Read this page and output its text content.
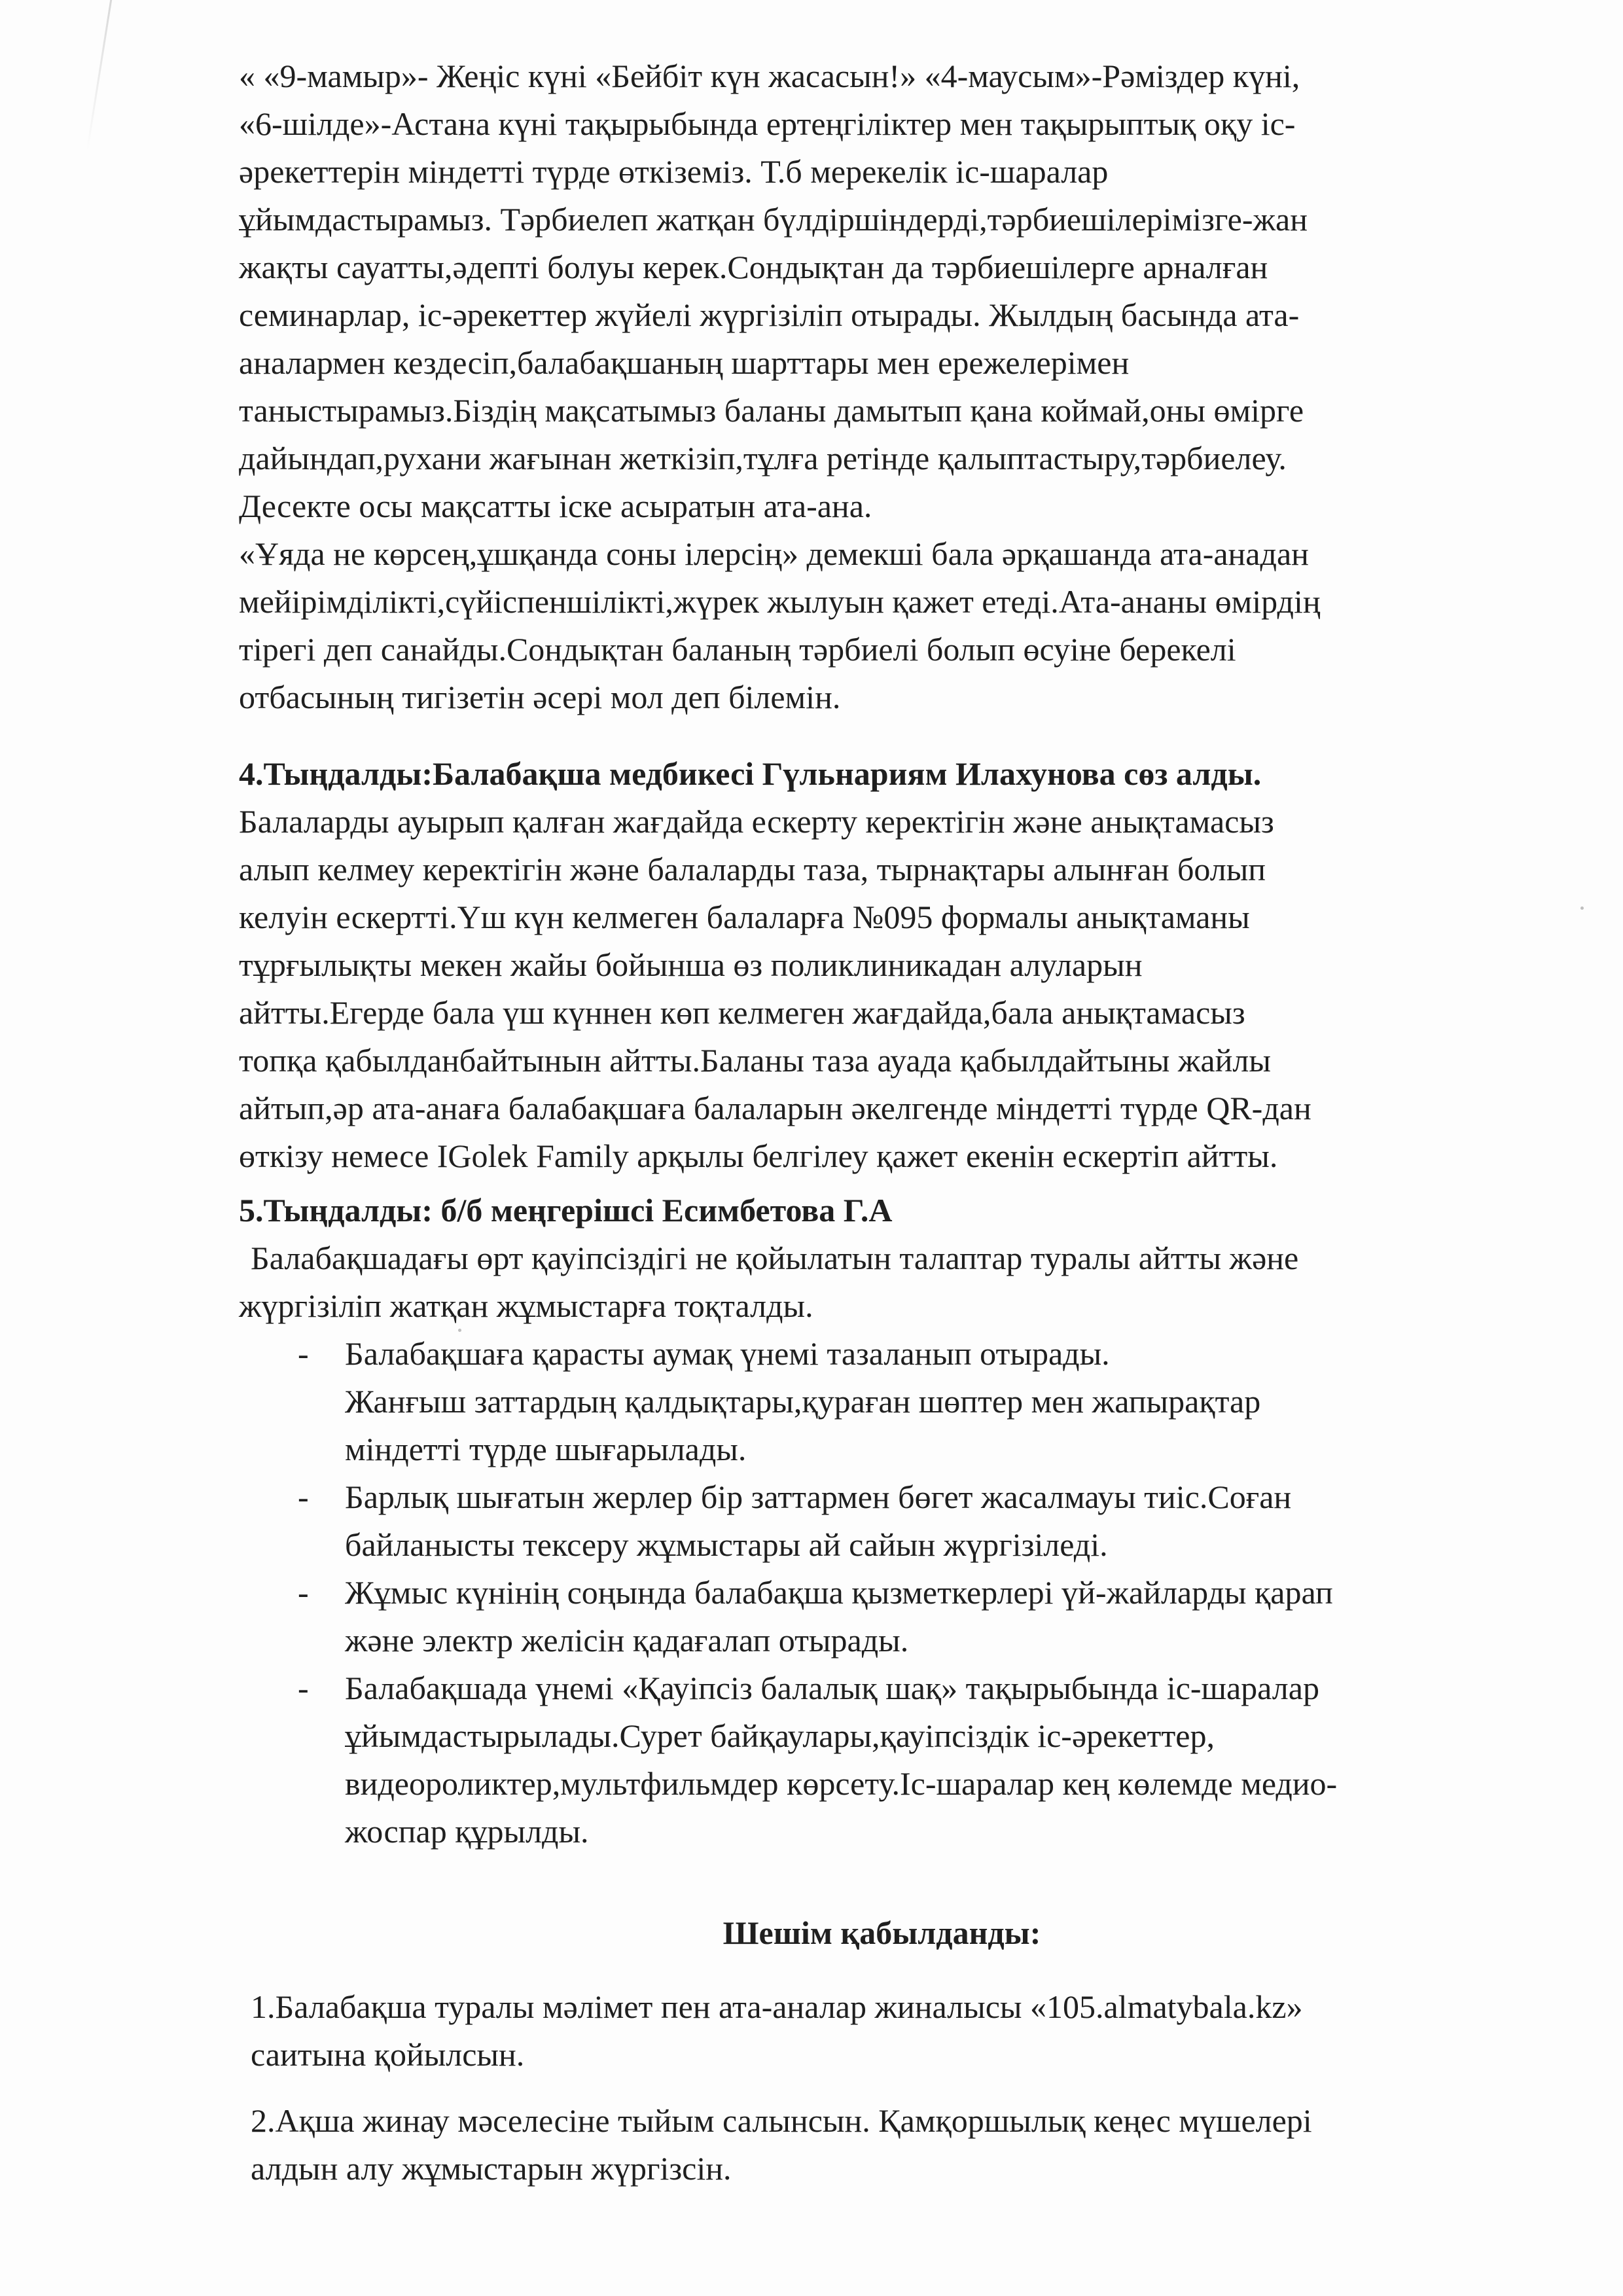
« «9-мамыр»- Жеңіс күні «Бейбіт күн жасасын!» «4-маусым»-Рәміздер күні,

«6-шілде»-Астана күні тақырыбында ертеңгіліктер мен тақырыптық оқу іс-

әрекеттерін міндетті түрде өткіземіз. Т.б мерекелік іс-шаралар

ұйымдастырамыз. Тәрбиелеп жатқан бүлдіршіндерді,тәрбиешілерімізге-жан

жақты сауатты,әдепті болуы керек.Сондықтан да тәрбиешілерге арналған

семинарлар, іс-әрекеттер жүйелі жүргізіліп отырады. Жылдың басында ата-

аналармен кездесіп,балабақшаның шарттары мен ережелерімен

таныстырамыз.Біздің мақсатымыз баланы дамытып қана коймай,оны өмірге

дайындап,рухани жағынан жеткізіп,тұлға ретінде қалыптастыру,тәрбиелеу.

Десекте осы мақсатты іске асыратын ата-ана.

«Ұяда не көрсең,ұшқанда соны ілерсің» демекші бала әрқашанда ата-анадан

мейірімділікті,сүйіспеншілікті,жүрек жылуын қажет етеді.Ата-ананы өмірдің

тірегі деп санайды.Сондықтан баланың тәрбиелі болып өсуіне берекелі

отбасының тигізетін әсері мол деп білемін.

4.Тыңдалды:Балабақша медбикесі Гүльнариям Илахунова сөз алды.

Балаларды ауырып қалған жағдайда ескерту керектігін және анықтамасыз

алып келмеу керектігін және балаларды таза, тырнақтары алынған болып

келуін ескертті.Үш күн келмеген балаларға №095 формалы анықтаманы

тұрғылықты мекен жайы бойынша өз поликлиникадан алуларын

айтты.Егерде бала үш күннен көп келмеген жағдайда,бала анықтамасыз

топқа қабылданбайтынын айтты.Баланы таза ауада қабылдайтыны жайлы

айтып,әр ата-анаға балабақшаға балаларын әкелгенде міндетті түрде QR-дан

өткізу немесе IGolek Family арқылы белгілеу қажет екенін ескертіп айтты.

5.Тыңдалды: б/б меңгерішсі Есимбетова Г.А

Балабақшадағы өрт қауіпсіздігі не қойылатын талаптар туралы айтты және

жүргізіліп жатқан жұмыстарға тоқталды.

- Балабақшаға қарасты аумақ үнемі тазаланып отырады.
Жанғыш заттардың қалдықтары,қураған шөптер мен жапырақтар
міндетті түрде шығарылады.
- Барлық шығатын жерлер бір заттармен бөгет жасалмауы тиіс.Соған
байланысты тексеру жұмыстары ай сайын жүргізіледі.
- Жұмыс күнінің соңында балабақша қызметкерлері үй-жайларды қарап
және электр желісін қадағалап отырады.
- Балабақшада үнемі «Қауіпсіз балалық шақ» тақырыбында іс-шаралар
ұйымдастырылады.Сурет байқаулары,қауіпсіздік іс-әрекеттер,
видеороликтер,мультфильмдер көрсету.Іс-шаралар кең көлемде медио-
жоспар құрылды.

Шешім қабылданды:

1.Балабақша туралы мәлімет пен ата-аналар жиналысы «105.almatybala.kz»
саитына қойылсын.

2.Ақша жинау мәселесіне тыйым салынсын. Қамқоршылық кеңес мүшелері
алдын алу жұмыстарын жүргізсін.
